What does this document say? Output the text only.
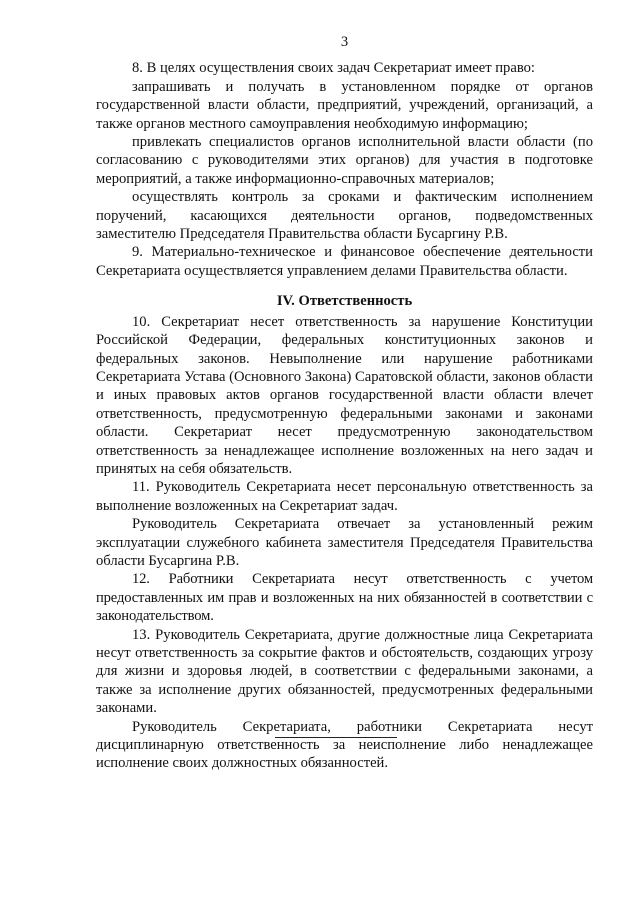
3

8. В целях осуществления своих задач Секретариат имеет право:

запрашивать и получать в установленном порядке от органов государственной власти области, предприятий, учреждений, организаций, а также органов местного самоуправления необходимую информацию;

привлекать специалистов органов исполнительной власти области (по согласованию с руководителями этих органов) для участия в подготовке мероприятий, а также информационно-справочных материалов;

осуществлять контроль за сроками и фактическим исполнением поручений, касающихся деятельности органов, подведомственных заместителю Председателя Правительства области Бусаргину Р.В.

9. Материально-техническое и финансовое обеспечение деятельности Секретариата осуществляется управлением делами Правительства области.

IV. Ответственность

10. Секретариат несет ответственность за нарушение Конституции Российской Федерации, федеральных конституционных законов и федеральных законов. Невыполнение или нарушение работниками Секретариата Устава (Основного Закона) Саратовской области, законов области и иных правовых актов органов государственной власти области влечет ответственность, предусмотренную федеральными законами и законами области. Секретариат несет предусмотренную законодательством ответственность за ненадлежащее исполнение возложенных на него задач и принятых на себя обязательств.

11. Руководитель Секретариата несет персональную ответственность за выполнение возложенных на Секретариат задач.

Руководитель Секретариата отвечает за установленный режим эксплуатации служебного кабинета заместителя Председателя Правительства области Бусаргина Р.В.

12. Работники Секретариата несут ответственность с учетом предоставленных им прав и возложенных на них обязанностей в соответствии с законодательством.

13. Руководитель Секретариата, другие должностные лица Секретариата несут ответственность за сокрытие фактов и обстоятельств, создающих угрозу для жизни и здоровья людей, в соответствии с федеральными законами, а также за исполнение других обязанностей, предусмотренных федеральными законами.

Руководитель Секретариата, работники Секретариата несут дисциплинарную ответственность за неисполнение либо ненадлежащее исполнение своих должностных обязанностей.
